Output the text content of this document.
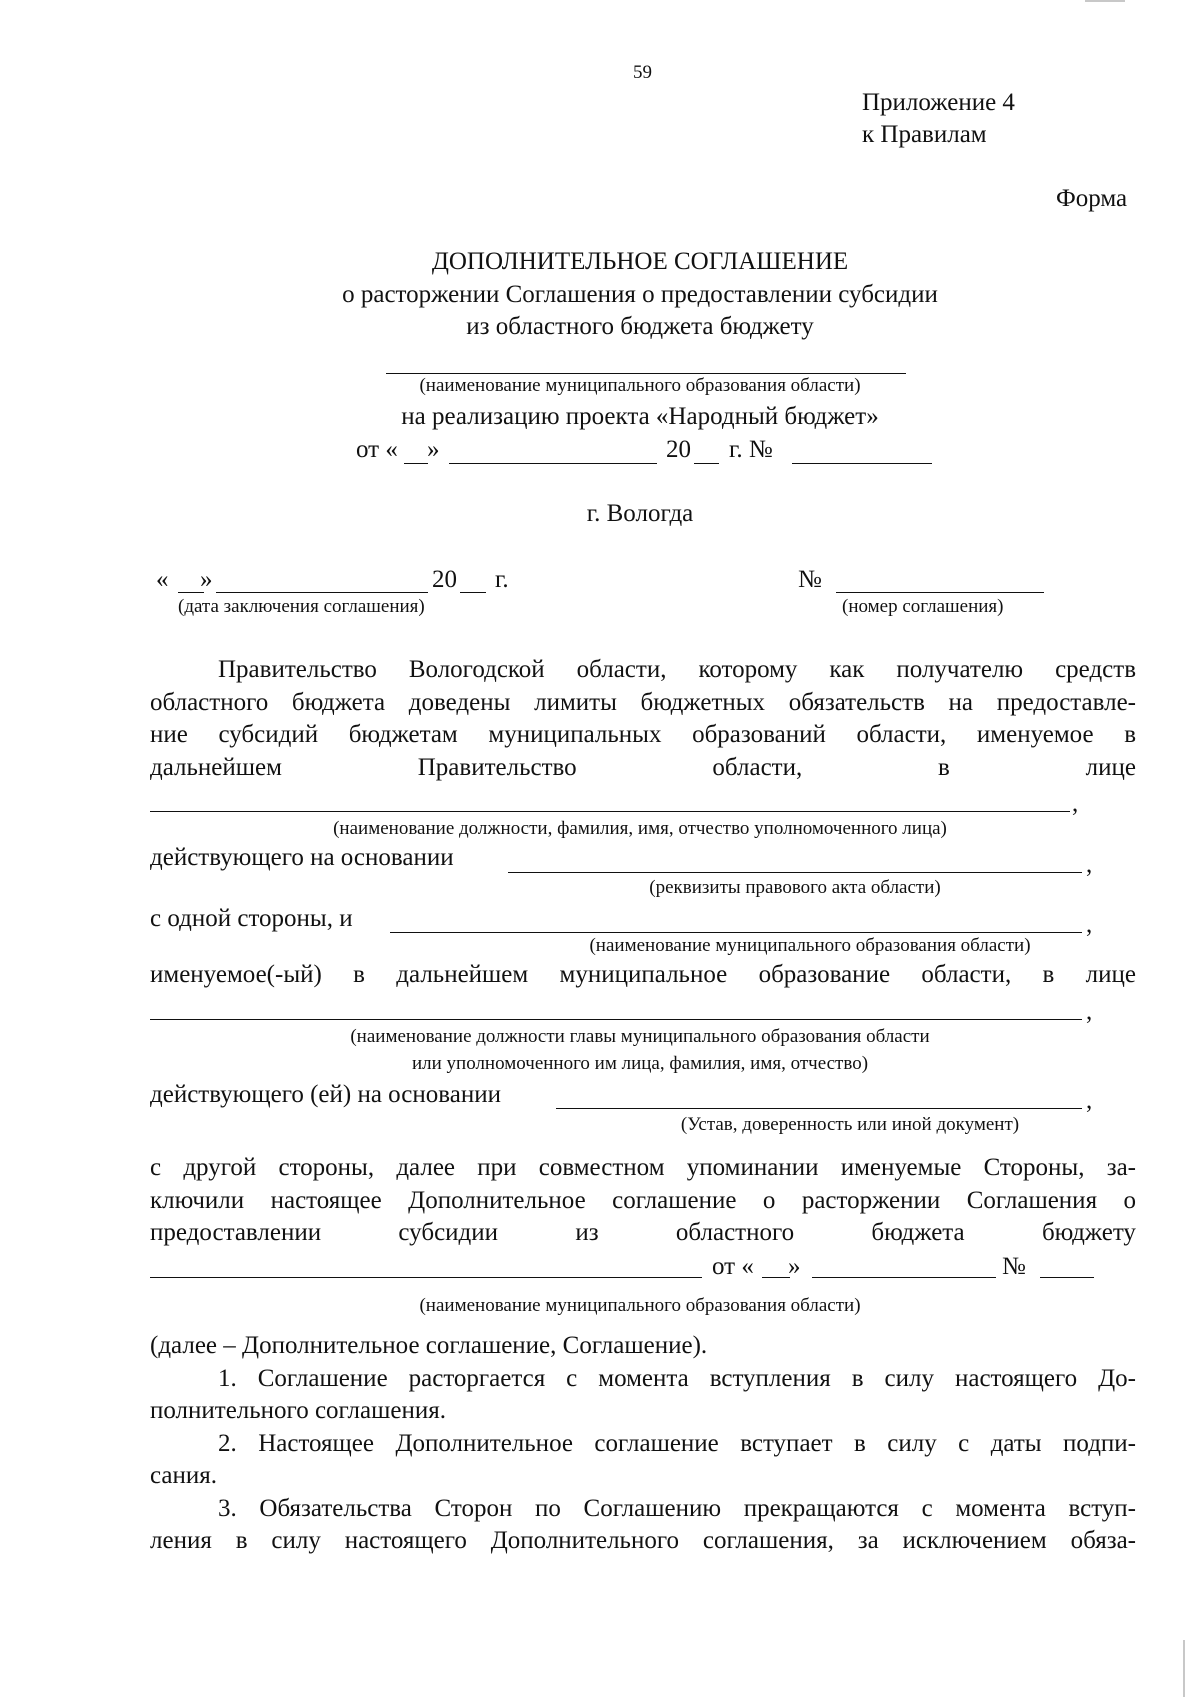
59
Приложение 4
к Правилам
Форма
ДОПОЛНИТЕЛЬНОЕ СОГЛАШЕНИЕ
о расторжении Соглашения о предоставлении субсидии
из областного бюджета бюджету
(наименование муниципального образования области)
на реализацию проекта «Народный бюджет»
от « »	20 г. №
г. Вологда
« »	20 г.
(дата заключения соглашения)
№
(номер соглашения)
Правительство Вологодской области, которому как получателю средств
областного бюджета доведены лимиты бюджетных обязательств на предоставле-
ние субсидий бюджетам муниципальных образований области, именуемое в
дальнейшем	Правительство	области,	в	лице
,
(наименование должности, фамилия, имя, отчество уполномоченного лица)
действующего на основании	,
(реквизиты правового акта области)
с одной стороны, и	,
(наименование муниципального образования области)
именуемое(-ый) в дальнейшем муниципальное образование области, в лице
,
(наименование должности главы муниципального образования области
или уполномоченного им лица, фамилия, имя, отчество)
действующего (ей) на основании	,
(Устав, доверенность или иной документ)
с другой стороны, далее при совместном упоминании именуемые Стороны, за-
ключили настоящее Дополнительное соглашение о расторжении Соглашения о
предоставлении	субсидии	из	областного	бюджета	бюджету
от « »	№
(наименование муниципального образования области)
(далее – Дополнительное соглашение, Соглашение).
1. Соглашение расторгается с момента вступления в силу настоящего До-
полнительного соглашения.
2. Настоящее Дополнительное соглашение вступает в силу с даты подпи-
сания.
3. Обязательства Сторон по Соглашению прекращаются с момента вступ-
ления в силу настоящего Дополнительного соглашения, за исключением обяза-
